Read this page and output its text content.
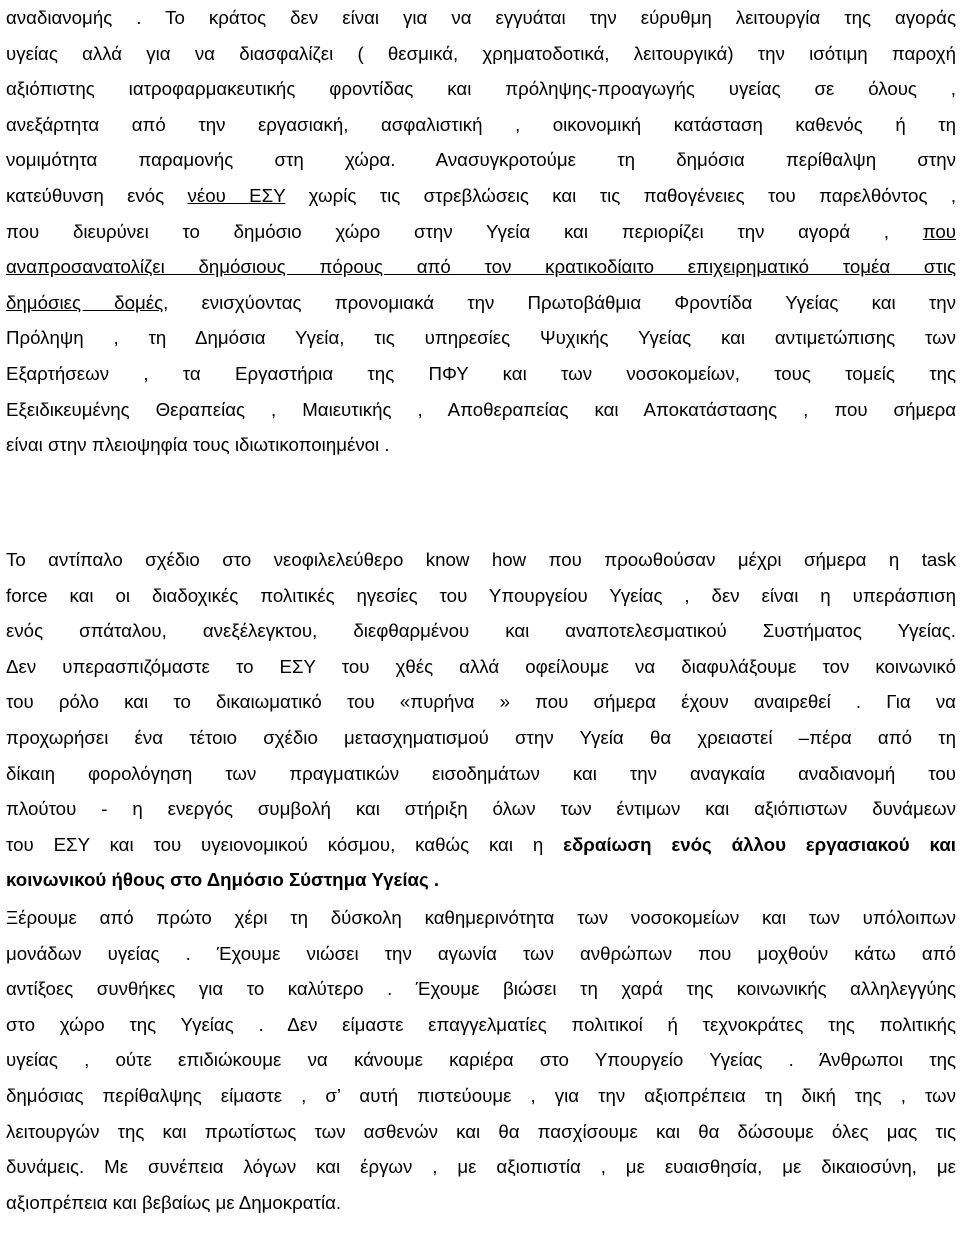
αναδιανομής . Το κράτος δεν είναι για να εγγυάται την εύρυθμη λειτουργία της αγοράς
υγείας αλλά για να διασφαλίζει ( θεσμικά, χρηματοδοτικά, λειτουργικά) την ισότιμη παροχή
αξιόπιστης ιατροφαρμακευτικής φροντίδας και πρόληψης-προαγωγής υγείας σε όλους ,
ανεξάρτητα από την εργασιακή, ασφαλιστική , οικονομική κατάσταση καθενός ή τη
νομιμότητα παραμονής στη χώρα. Ανασυγκροτούμε τη δημόσια περίθαλψη στην
κατεύθυνση ενός νέου ΕΣΥ χωρίς τις στρεβλώσεις και τις παθογένειες του παρελθόντος ,
που διευρύνει το δημόσιο χώρο στην Υγεία και περιορίζει την αγορά , που
αναπροσανατολίζει δημόσιους πόρους από τον κρατικοδίαιτο επιχειρηματικό τομέα στις
δημόσιες δομές, ενισχύοντας προνομιακά την Πρωτοβάθμια Φροντίδα Υγείας και την
Πρόληψη , τη Δημόσια Υγεία, τις υπηρεσίες Ψυχικής Υγείας και αντιμετώπισης των
Εξαρτήσεων , τα Εργαστήρια της ΠΦΥ και των νοσοκομείων, τους τομείς της
Εξειδικευμένης Θεραπείας , Μαιευτικής , Αποθεραπείας και Αποκατάστασης , που σήμερα
είναι στην πλειοψηφία τους ιδιωτικοποιημένοι .
Το αντίπαλο σχέδιο στο νεοφιλελεύθερο know how που προωθούσαν μέχρι σήμερα η task
force και οι διαδοχικές πολιτικές ηγεσίες του Υπουργείου Υγείας , δεν είναι η υπεράσπιση
ενός σπάταλου, ανεξέλεγκτου, διεφθαρμένου και αναποτελεσματικού Συστήματος Υγείας.
Δεν υπερασπιζόμαστε το ΕΣΥ του χθές αλλά οφείλουμε να διαφυλάξουμε τον κοινωνικό
του ρόλο και το δικαιωματικό του «πυρήνα » που σήμερα έχουν αναιρεθεί . Για να
προχωρήσει ένα τέτοιο σχέδιο μετασχηματισμού στην Υγεία θα χρειαστεί –πέρα από τη
δίκαιη φορολόγηση των πραγματικών εισοδημάτων και την αναγκαία αναδιανομή του
πλούτου - η ενεργός συμβολή και στήριξη όλων των έντιμων και αξιόπιστων δυνάμεων
του ΕΣΥ και του υγειονομικού κόσμου, καθώς και η εδραίωση ενός άλλου εργασιακού και
κοινωνικού ήθους στο Δημόσιο Σύστημα Υγείας .
Ξέρουμε από πρώτο χέρι τη δύσκολη καθημερινότητα των νοσοκομείων και των υπόλοιπων
μονάδων υγείας . Έχουμε νιώσει την αγωνία των ανθρώπων που μοχθούν κάτω από
αντίξοες συνθήκες για το καλύτερο . Έχουμε βιώσει τη χαρά της κοινωνικής αλληλεγγύης
στο χώρο της Υγείας . Δεν είμαστε επαγγελματίες πολιτικοί ή τεχνοκράτες της πολιτικής
υγείας , ούτε επιδιώκουμε να κάνουμε καριέρα στο Υπουργείο Υγείας . Άνθρωποι της
δημόσιας περίθαλψης είμαστε , σ’ αυτή πιστεύουμε , για την αξιοπρέπεια τη δική της , των
λειτουργών της και πρωτίστως των ασθενών και θα πασχίσουμε και θα δώσουμε όλες μας τις
δυνάμεις. Με συνέπεια λόγων και έργων , με αξιοπιστία , με ευαισθησία, με δικαιοσύνη, με
αξιοπρέπεια και βεβαίως με Δημοκρατία.
